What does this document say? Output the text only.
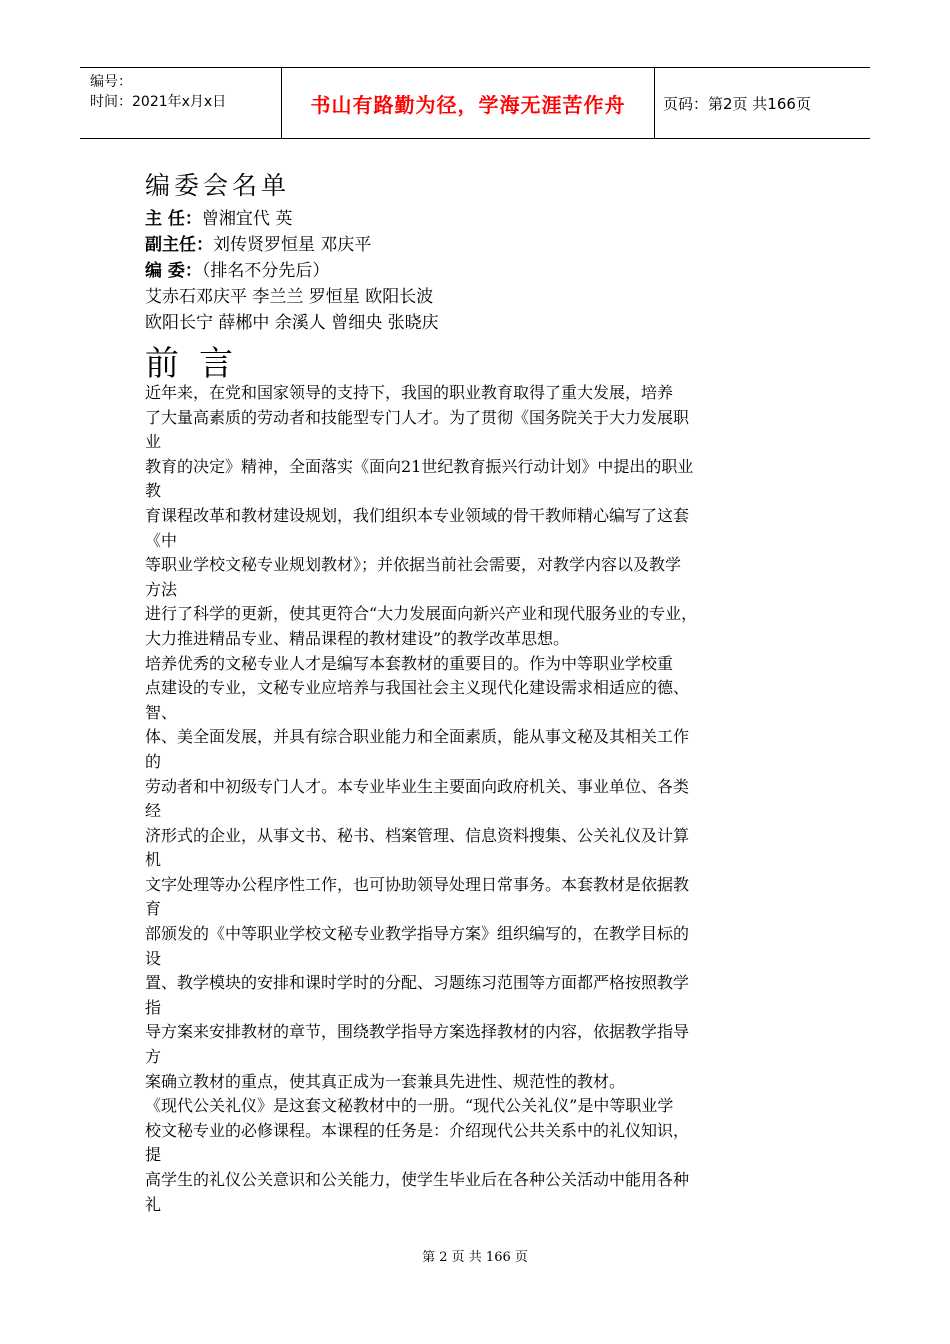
编号：
时间：2021年x月x日	书山有路勤为径，学海无涯苦作舟	页码：第2页 共166页
编委会名单
主 任：曾湘宜代 英
副主任：刘传贤罗恒星 邓庆平
编 委：（排名不分先后）
艾赤石邓庆平 李兰兰 罗恒星 欧阳长波
欧阳长宁 薛郴中 余溪人 曾细央 张晓庆
前言
近年来，在党和国家领导的支持下，我国的职业教育取得了重大发展，培养
了大量高素质的劳动者和技能型专门人才。为了贯彻《国务院关于大力发展职
业
教育的决定》精神，全面落实《面向21世纪教育振兴行动计划》中提出的职业
教
育课程改革和教材建设规划，我们组织本专业领域的骨干教师精心编写了这套
《中
等职业学校文秘专业规划教材》；并依据当前社会需要，对教学内容以及教学
方法
进行了科学的更新，使其更符合“大力发展面向新兴产业和现代服务业的专业，
大力推进精品专业、精品课程的教材建设”的教学改革思想。
培养优秀的文秘专业人才是编写本套教材的重要目的。作为中等职业学校重
点建设的专业，文秘专业应培养与我国社会主义现代化建设需求相适应的德、
智、
体、美全面发展，并具有综合职业能力和全面素质，能从事文秘及其相关工作
的
劳动者和中初级专门人才。本专业毕业生主要面向政府机关、事业单位、各类
经
济形式的企业，从事文书、秘书、档案管理、信息资料搜集、公关礼仪及计算
机
文字处理等办公程序性工作，也可协助领导处理日常事务。本套教材是依据教
育
部颁发的《中等职业学校文秘专业教学指导方案》组织编写的，在教学目标的
设
置、教学模块的安排和课时学时的分配、习题练习范围等方面都严格按照教学
指
导方案来安排教材的章节，围绕教学指导方案选择教材的内容，依据教学指导
方
案确立教材的重点，使其真正成为一套兼具先进性、规范性的教材。
《现代公关礼仪》是这套文秘教材中的一册。“现代公关礼仪”是中等职业学
校文秘专业的必修课程。本课程的任务是：介绍现代公共关系中的礼仪知识，
提
高学生的礼仪公关意识和公关能力，使学生毕业后在各种公关活动中能用各种
礼
第 2 页 共 166 页
